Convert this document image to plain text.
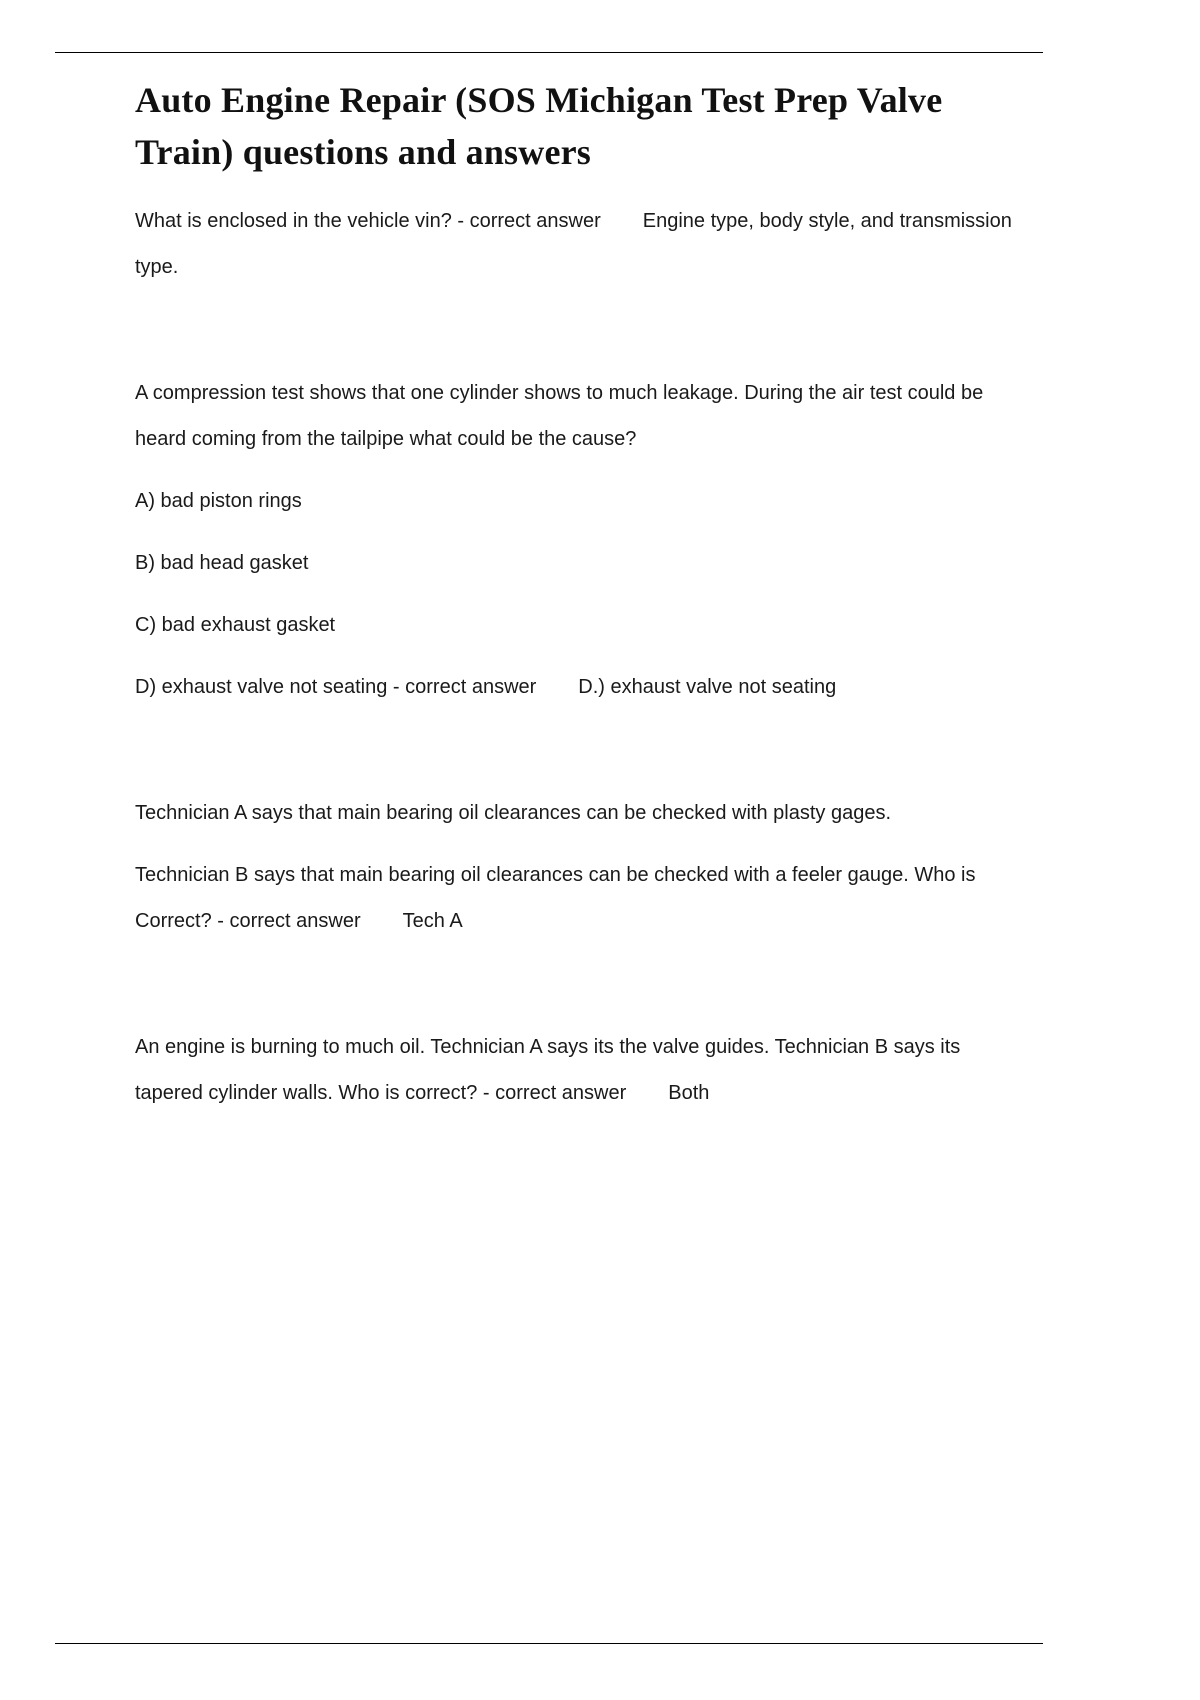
Auto Engine Repair (SOS Michigan Test Prep Valve Train) questions and answers

What is enclosed in the vehicle vin? - correct answer Engine type, body style, and transmission type.

A compression test shows that one cylinder shows to much leakage. During the air test could be heard coming from the tailpipe what could be the cause?

A) bad piston rings

B) bad head gasket

C) bad exhaust gasket

D) exhaust valve not seating - correct answer D.) exhaust valve not seating

Technician A says that main bearing oil clearances can be checked with plasty gages.

Technician B says that main bearing oil clearances can be checked with a feeler gauge. Who is Correct? - correct answer Tech A

An engine is burning to much oil. Technician A says its the valve guides. Technician B says its tapered cylinder walls. Who is correct? - correct answer Both
